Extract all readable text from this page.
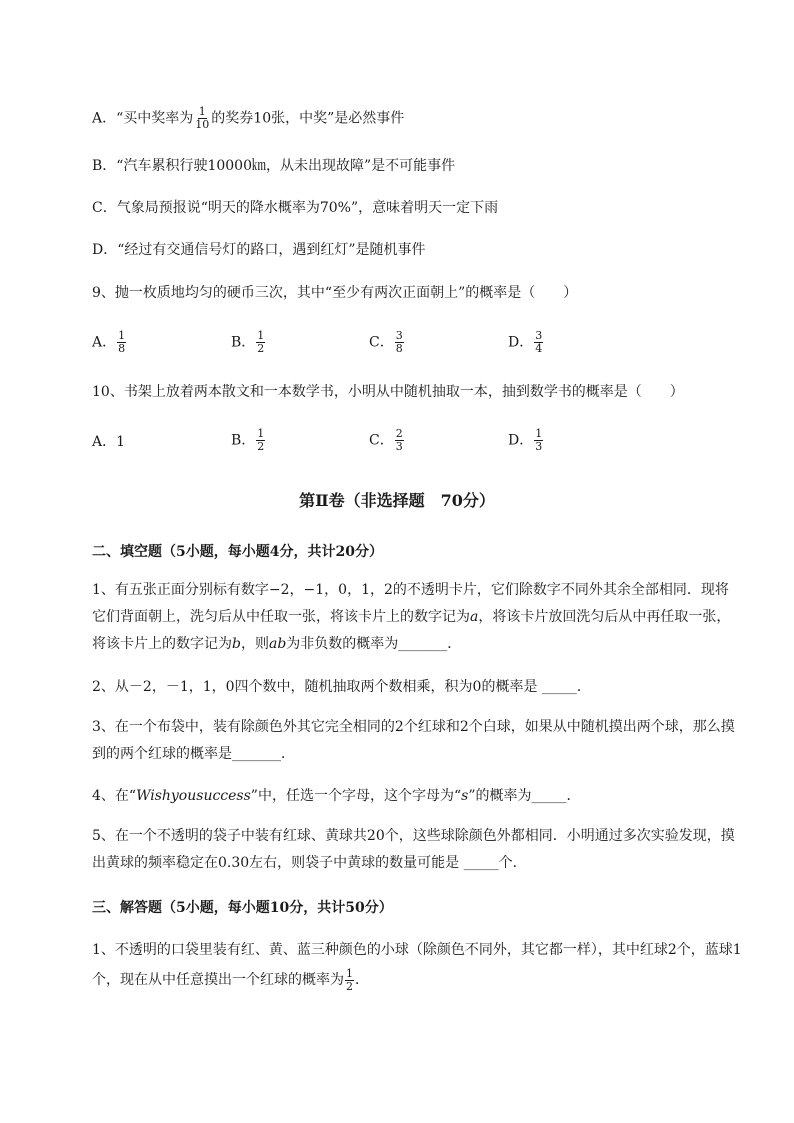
A．“买中奖率为 $\frac{1}{10}$ 的奖券10张，中奖”是必然事件
B．“汽车累积行驶10000㎞，从未出现故障”是不可能事件
C．气象局预报说“明天的降水概率为70%”，意味着明天一定下雨
D．“经过有交通信号灯的路口，遇到红灯”是随机事件
9、抛一枚质地均匀的硬币三次，其中“至少有两次正面朝上”的概率是（　　）
A． $\frac{1}{8}$	B． $\frac{1}{2}$	C． $\frac{3}{8}$	D． $\frac{3}{4}$
10、书架上放着两本散文和一本数学书，小明从中随机抽取一本，抽到数学书的概率是（　　）
A．1	B． $\frac{1}{2}$	C． $\frac{2}{3}$	D． $\frac{1}{3}$
第Ⅱ卷（非选择题　70分）
二、填空题（5小题，每小题4分，共计20分）
1、有五张正面分别标有数字−2，−1，0，1，2的不透明卡片，它们除数字不同外其余全部相同．现将它们背面朝上，洗匀后从中任取一张，将该卡片上的数字记为a，将该卡片放回洗匀后从中再任取一张，将该卡片上的数字记为b，则ab为非负数的概率为_______．
2、从－2，－1，1，0四个数中，随机抽取两个数相乘，积为0的概率是 _____．
3、在一个布袋中，装有除颜色外其它完全相同的2个红球和2个白球，如果从中随机摸出两个球，那么摸到的两个红球的概率是_______．
4、在“Wishyousuccess”中，任选一个字母，这个字母为“s”的概率为_____．
5、在一个不透明的袋子中装有红球、黄球共20个，这些球除颜色外都相同．小明通过多次实验发现，摸出黄球的频率稳定在0.30左右，则袋子中黄球的数量可能是 _____个．
三、解答题（5小题，每小题10分，共计50分）
1、不透明的口袋里装有红、黄、蓝三种颜色的小球（除颜色不同外，其它都一样），其中红球2个，蓝球1个，现在从中任意摸出一个红球的概率为 $\frac{1}{2}$ ．
